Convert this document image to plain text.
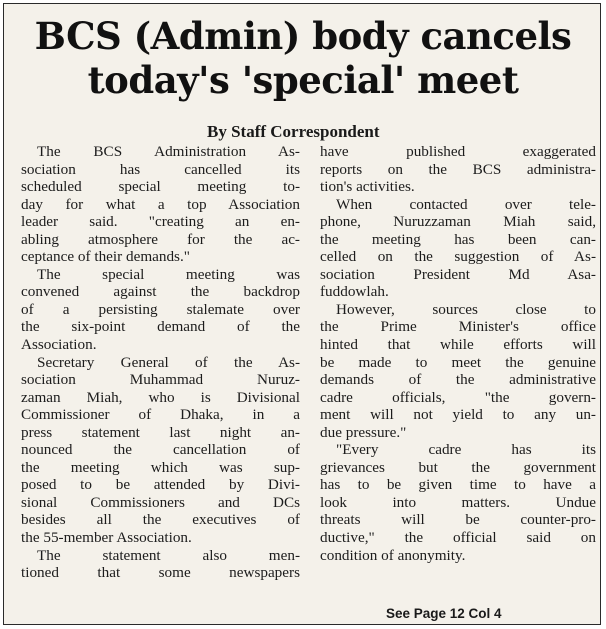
BCS (Admin) body cancels
today's 'special' meet
By Staff Correspondent
The BCS Administration As-
sociation has cancelled its
scheduled special meeting to-
day for what a top Association
leader said. "creating an en-
abling atmosphere for the ac-
ceptance of their demands."
The special meeting was
convened against the backdrop
of a persisting stalemate over
the six-point demand of the
Association.
Secretary General of the As-
sociation Muhammad Nuruz-
zaman Miah, who is Divisional
Commissioner of Dhaka, in a
press statement last night an-
nounced the cancellation of
the meeting which was sup-
posed to be attended by Divi-
sional Commissioners and DCs
besides all the executives of
the 55-member Association.
The statement also men-
tioned that some newspapers
have published exaggerated
reports on the BCS administra-
tion's activities.
When contacted over tele-
phone, Nuruzzaman Miah said,
the meeting has been can-
celled on the suggestion of As-
sociation President Md Asa-
fuddowlah.
However, sources close to
the Prime Minister's office
hinted that while efforts will
be made to meet the genuine
demands of the administrative
cadre officials, "the govern-
ment will not yield to any un-
due pressure."
"Every cadre has its
grievances but the government
has to be given time to have a
look into matters. Undue
threats will be counter-pro-
ductive," the official said on
condition of anonymity.
See Page 12 Col 4
